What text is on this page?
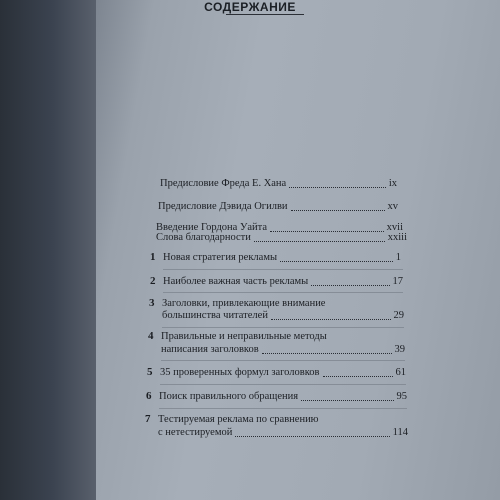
СОДЕРЖАНИЕ
Предисловие Фреда Е. Хана	ix
Предисловие Дэвида Огилви	xv
Введение Гордона Уайта	xvii
Слова благодарности	xxiii
1 Новая стратегия рекламы	1
2 Наиболее важная часть рекламы	17
3 Заголовки, привлекающие внимание
большинства читателей	29
4 Правильные и неправильные методы
написания заголовков	39
5 35 проверенных формул заголовков	61
6 Поиск правильного обращения	95
7 Тестируемая реклама по сравнению
с нетестируемой	114
